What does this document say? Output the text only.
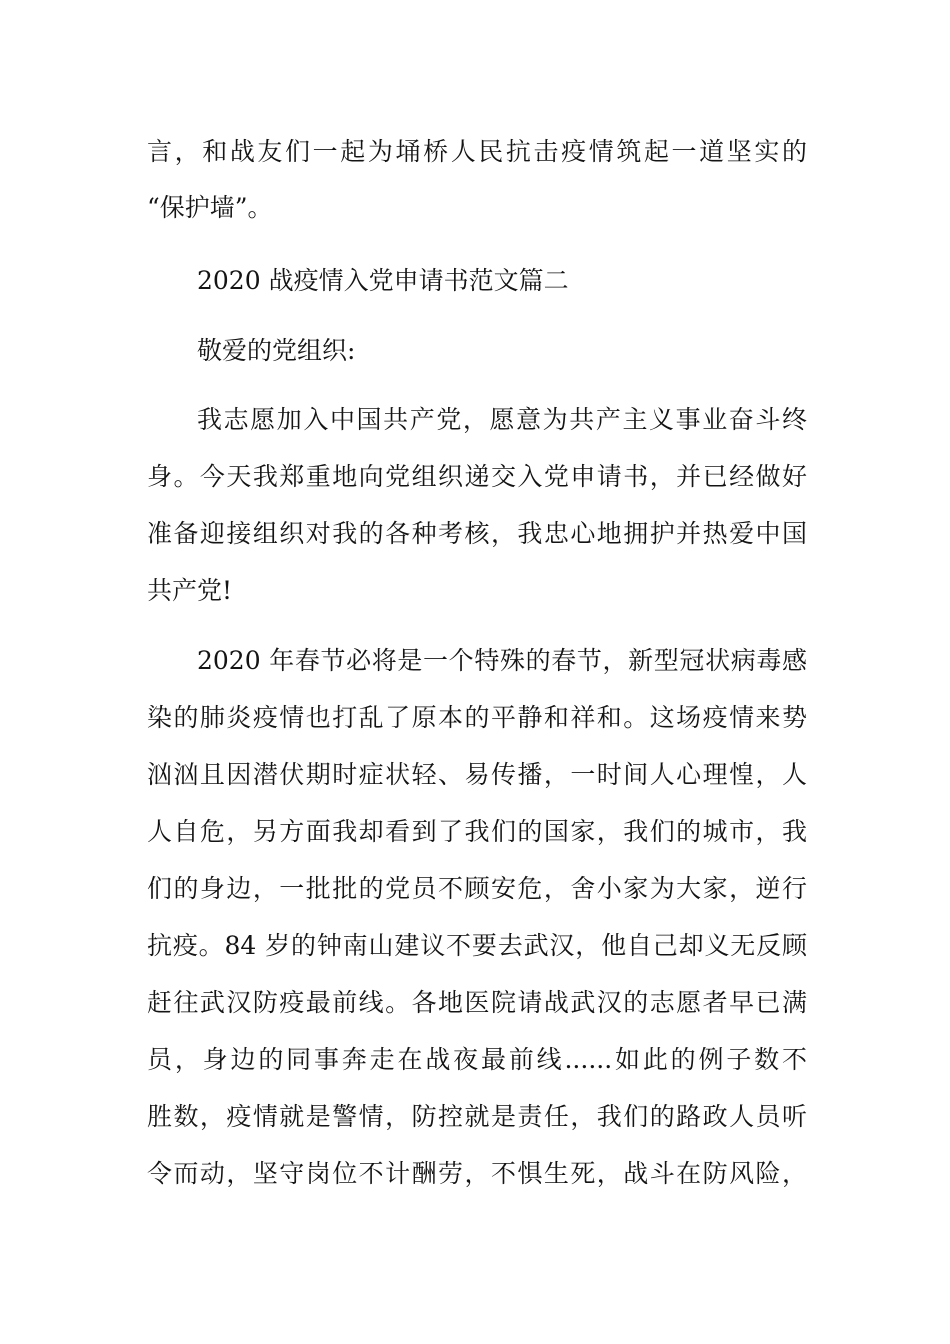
言，和战友们一起为埇桥人民抗击疫情筑起一道坚实的
“保护墙”。
2020 战疫情入党申请书范文篇二
敬爱的党组织:
我志愿加入中国共产党，愿意为共产主义事业奋斗终
身。今天我郑重地向党组织递交入党申请书，并已经做好
准备迎接组织对我的各种考核，我忠心地拥护并热爱中国
共产党!
2020 年春节必将是一个特殊的春节，新型冠状病毒感
染的肺炎疫情也打乱了原本的平静和祥和。这场疫情来势
汹汹且因潜伏期时症状轻、易传播，一时间人心理惶，人
人自危，另方面我却看到了我们的国家，我们的城市，我
们的身边，一批批的党员不顾安危，舍小家为大家，逆行
抗疫。84 岁的钟南山建议不要去武汉，他自己却义无反顾
赶往武汉防疫最前线。各地医院请战武汉的志愿者早已满
员，身边的同事奔走在战夜最前线......如此的例子数不
胜数，疫情就是警情，防控就是责任，我们的路政人员听
令而动，坚守岗位不计酬劳，不惧生死，战斗在防风险，
